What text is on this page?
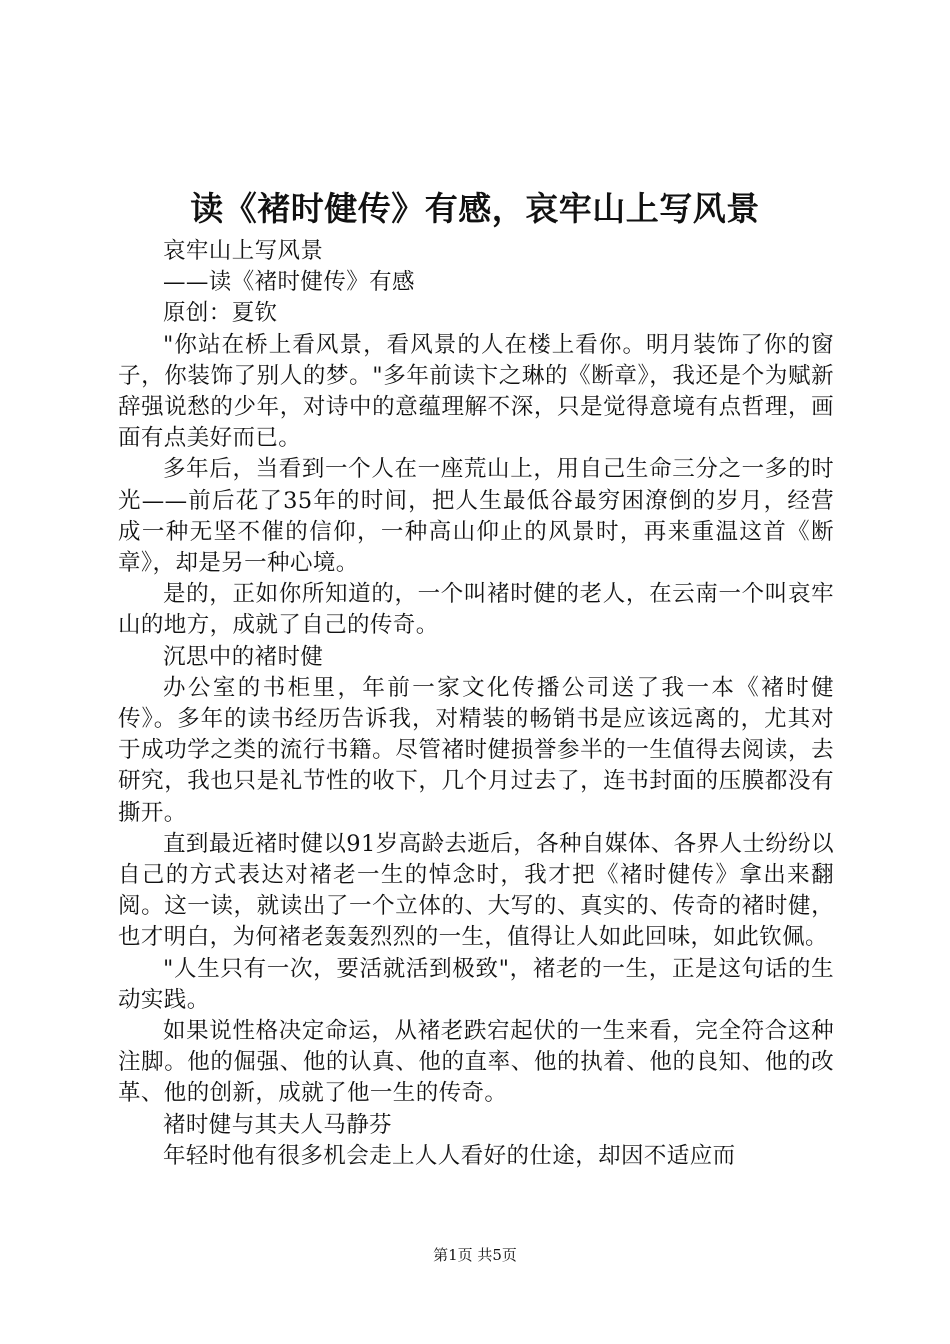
读《褚时健传》有感，哀牢山上写风景

哀牢山上写风景

——读《褚时健传》有感

原创：夏钦

"你站在桥上看风景，看风景的人在楼上看你。明月装饰了你的窗子，你装饰了别人的梦。"多年前读卞之琳的《断章》，我还是个为赋新辞强说愁的少年，对诗中的意蕴理解不深，只是觉得意境有点哲理，画面有点美好而已。

多年后，当看到一个人在一座荒山上，用自己生命三分之一多的时光——前后花了35年的时间，把人生最低谷最穷困潦倒的岁月，经营成一种无坚不催的信仰，一种高山仰止的风景时，再来重温这首《断章》，却是另一种心境。

是的，正如你所知道的，一个叫褚时健的老人，在云南一个叫哀牢山的地方，成就了自己的传奇。

沉思中的褚时健

办公室的书柜里，年前一家文化传播公司送了我一本《褚时健传》。多年的读书经历告诉我，对精装的畅销书是应该远离的，尤其对于成功学之类的流行书籍。尽管褚时健损誉参半的一生值得去阅读，去研究，我也只是礼节性的收下，几个月过去了，连书封面的压膜都没有撕开。

直到最近褚时健以91岁高龄去逝后，各种自媒体、各界人士纷纷以自己的方式表达对褚老一生的悼念时，我才把《褚时健传》拿出来翻阅。这一读，就读出了一个立体的、大写的、真实的、传奇的褚时健，也才明白，为何褚老轰轰烈烈的一生，值得让人如此回味，如此钦佩。

"人生只有一次，要活就活到极致"，褚老的一生，正是这句话的生动实践。

如果说性格决定命运，从褚老跌宕起伏的一生来看，完全符合这种注脚。他的倔强、他的认真、他的直率、他的执着、他的良知、他的改革、他的创新，成就了他一生的传奇。

褚时健与其夫人马静芬

年轻时他有很多机会走上人人看好的仕途，却因不适应而

第1页 共5页
